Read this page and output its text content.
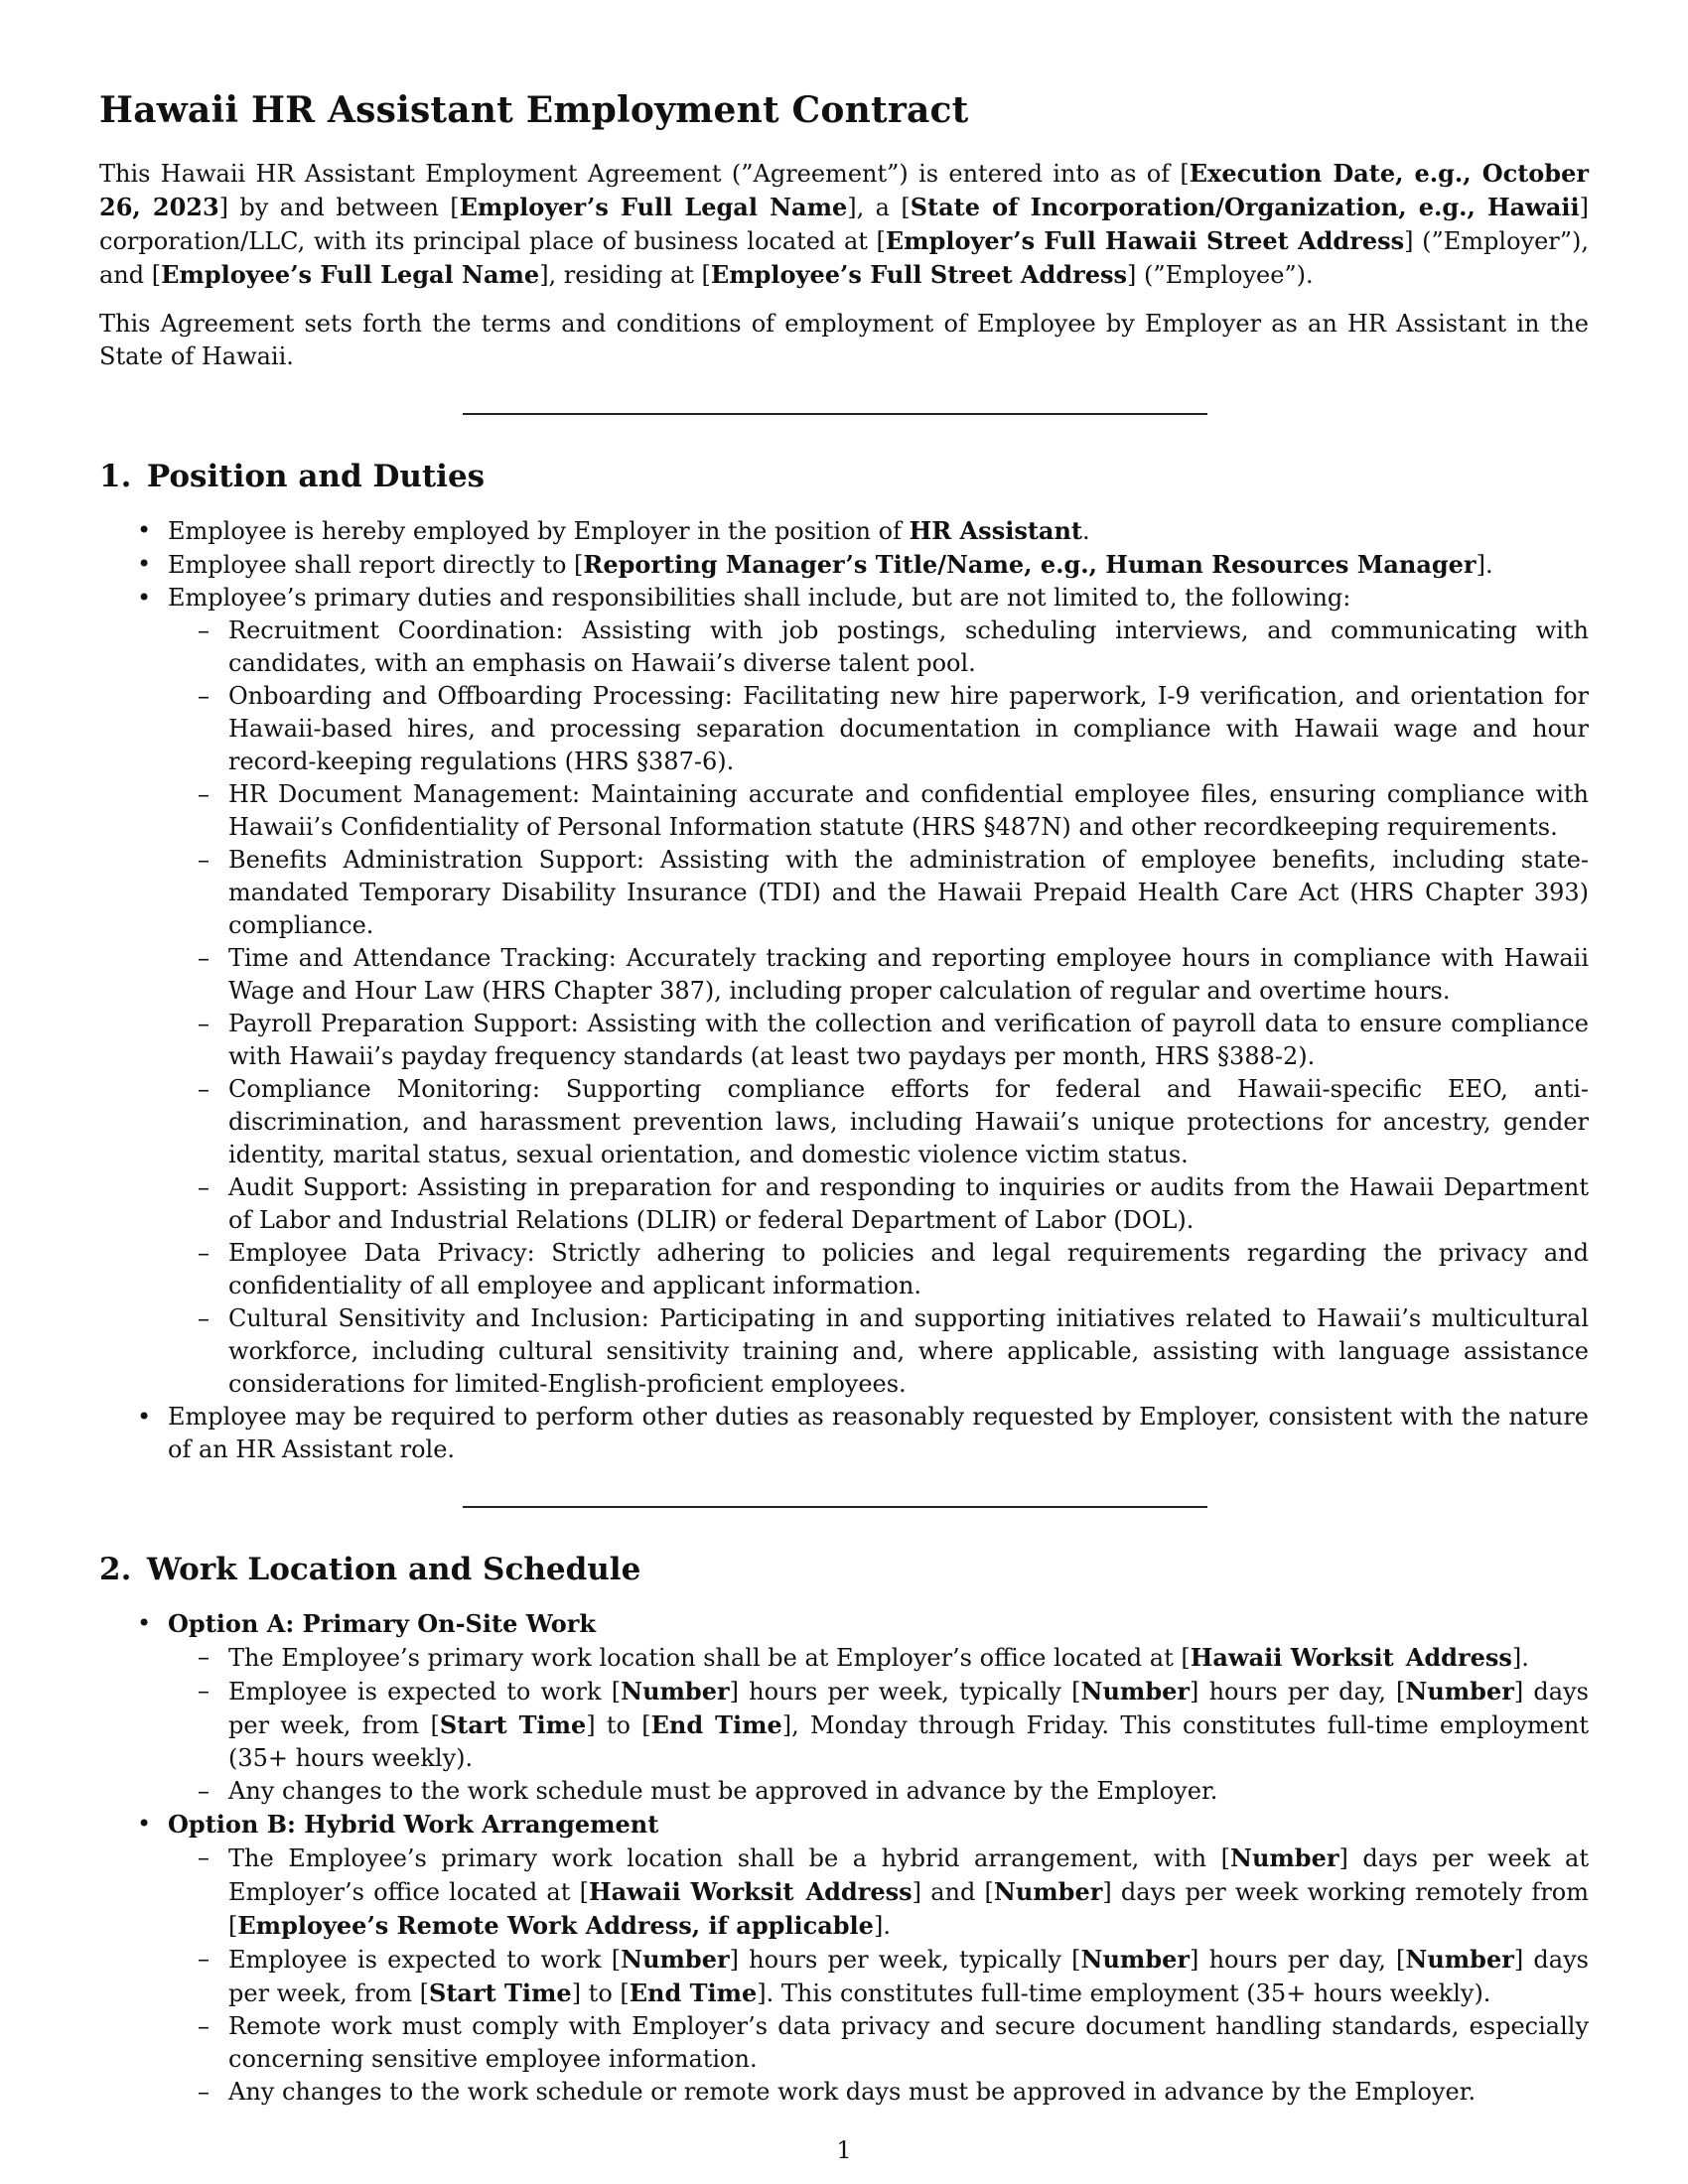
Hawaii HR Assistant Employment Contract

This Hawaii HR Assistant Employment Agreement (”Agreement”) is entered into as of [Execution Date, e.g., October 26, 2023] by and between [Employer’s Full Legal Name], a [State of Incorporation/Organization, e.g., Hawaii] corporation/LLC, with its principal place of business located at [Employer’s Full Hawaii Street Address] (”Employer”), and [Employee’s Full Legal Name], residing at [Employee’s Full Street Address] (”Employee”).

This Agreement sets forth the terms and conditions of employment of Employee by Employer as an HR Assistant in the State of Hawaii.

1. Position and Duties
• Employee is hereby employed by Employer in the position of HR Assistant.
• Employee shall report directly to [Reporting Manager’s Title/Name, e.g., Human Resources Manager].
• Employee’s primary duties and responsibilities shall include, but are not limited to, the following:
– Recruitment Coordination: Assisting with job postings, scheduling interviews, and communicating with candidates, with an emphasis on Hawaii’s diverse talent pool.
– Onboarding and Offboarding Processing: Facilitating new hire paperwork, I-9 verification, and orientation for Hawaii-based hires, and processing separation documentation in compliance with Hawaii wage and hour record-keeping regulations (HRS §387-6).
– HR Document Management: Maintaining accurate and confidential employee files, ensuring compliance with Hawaii’s Confidentiality of Personal Information statute (HRS §487N) and other recordkeeping requirements.
– Benefits Administration Support: Assisting with the administration of employee benefits, including state-mandated Temporary Disability Insurance (TDI) and the Hawaii Prepaid Health Care Act (HRS Chapter 393) compliance.
– Time and Attendance Tracking: Accurately tracking and reporting employee hours in compliance with Hawaii Wage and Hour Law (HRS Chapter 387), including proper calculation of regular and overtime hours.
– Payroll Preparation Support: Assisting with the collection and verification of payroll data to ensure compliance with Hawaii’s payday frequency standards (at least two paydays per month, HRS §388-2).
– Compliance Monitoring: Supporting compliance efforts for federal and Hawaii-specific EEO, anti-discrimination, and harassment prevention laws, including Hawaii’s unique protections for ancestry, gender identity, marital status, sexual orientation, and domestic violence victim status.
– Audit Support: Assisting in preparation for and responding to inquiries or audits from the Hawaii Department of Labor and Industrial Relations (DLIR) or federal Department of Labor (DOL).
– Employee Data Privacy: Strictly adhering to policies and legal requirements regarding the privacy and confidentiality of all employee and applicant information.
– Cultural Sensitivity and Inclusion: Participating in and supporting initiatives related to Hawaii’s multicultural workforce, including cultural sensitivity training and, where applicable, assisting with language assistance considerations for limited-English-proficient employees.
• Employee may be required to perform other duties as reasonably requested by Employer, consistent with the nature of an HR Assistant role.
2. Work Location and Schedule
• Option A: Primary On-Site Work
– The Employee’s primary work location shall be at Employer’s office located at [Hawaii Worksit Address].
– Employee is expected to work [Number] hours per week, typically [Number] hours per day, [Number] days per week, from [Start Time] to [End Time], Monday through Friday. This constitutes full-time employment (35+ hours weekly).
– Any changes to the work schedule must be approved in advance by the Employer.
• Option B: Hybrid Work Arrangement
– The Employee’s primary work location shall be a hybrid arrangement, with [Number] days per week at Employer’s office located at [Hawaii Worksit Address] and [Number] days per week working remotely from [Employee’s Remote Work Address, if applicable].
– Employee is expected to work [Number] hours per week, typically [Number] hours per day, [Number] days per week, from [Start Time] to [End Time]. This constitutes full-time employment (35+ hours weekly).
– Remote work must comply with Employer’s data privacy and secure document handling standards, especially concerning sensitive employee information.
– Any changes to the work schedule or remote work days must be approved in advance by the Employer.
1
